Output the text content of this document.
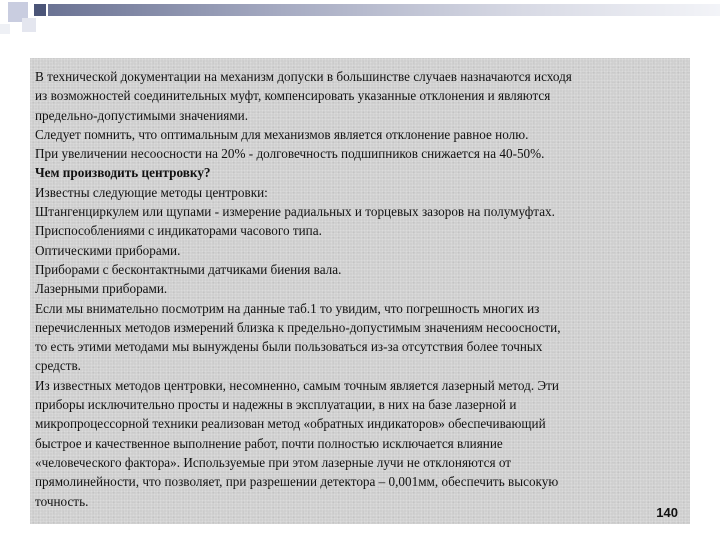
В технической документации на механизм допуски в большинстве случаев назначаются исходя
из возможностей соединительных муфт, компенсировать указанные отклонения и являются
предельно-допустимыми значениями.
Следует помнить, что оптимальным для механизмов является отклонение равное нолю.
При увеличении несоосности на 20% - долговечность подшипников снижается на 40-50%.
Чем производить центровку?
Известны следующие методы центровки:
Штангенциркулем или щупами - измерение радиальных и торцевых зазоров на полумуфтах.
Приспособлениями с индикаторами часового типа.
Оптическими приборами.
Приборами с бесконтактными датчиками биения вала.
Лазерными приборами.
Если мы внимательно посмотрим на данные таб.1 то увидим, что погрешность многих из
перечисленных методов измерений близка к предельно-допустимым значениям несоосности,
то есть этими методами мы вынуждены были пользоваться из-за отсутствия более точных
средств.
Из известных методов центровки, несомненно, самым точным является лазерный метод. Эти
приборы исключительно просты и надежны в эксплуатации, в них на базе лазерной и
микропроцессорной техники реализован метод «обратных индикаторов» обеспечивающий
быстрое и качественное выполнение работ, почти полностью исключается влияние
«человеческого фактора». Используемые при этом лазерные лучи не отклоняются от
прямолинейности, что позволяет, при разрешении детектора – 0,001мм, обеспечить высокую
точность.
140
